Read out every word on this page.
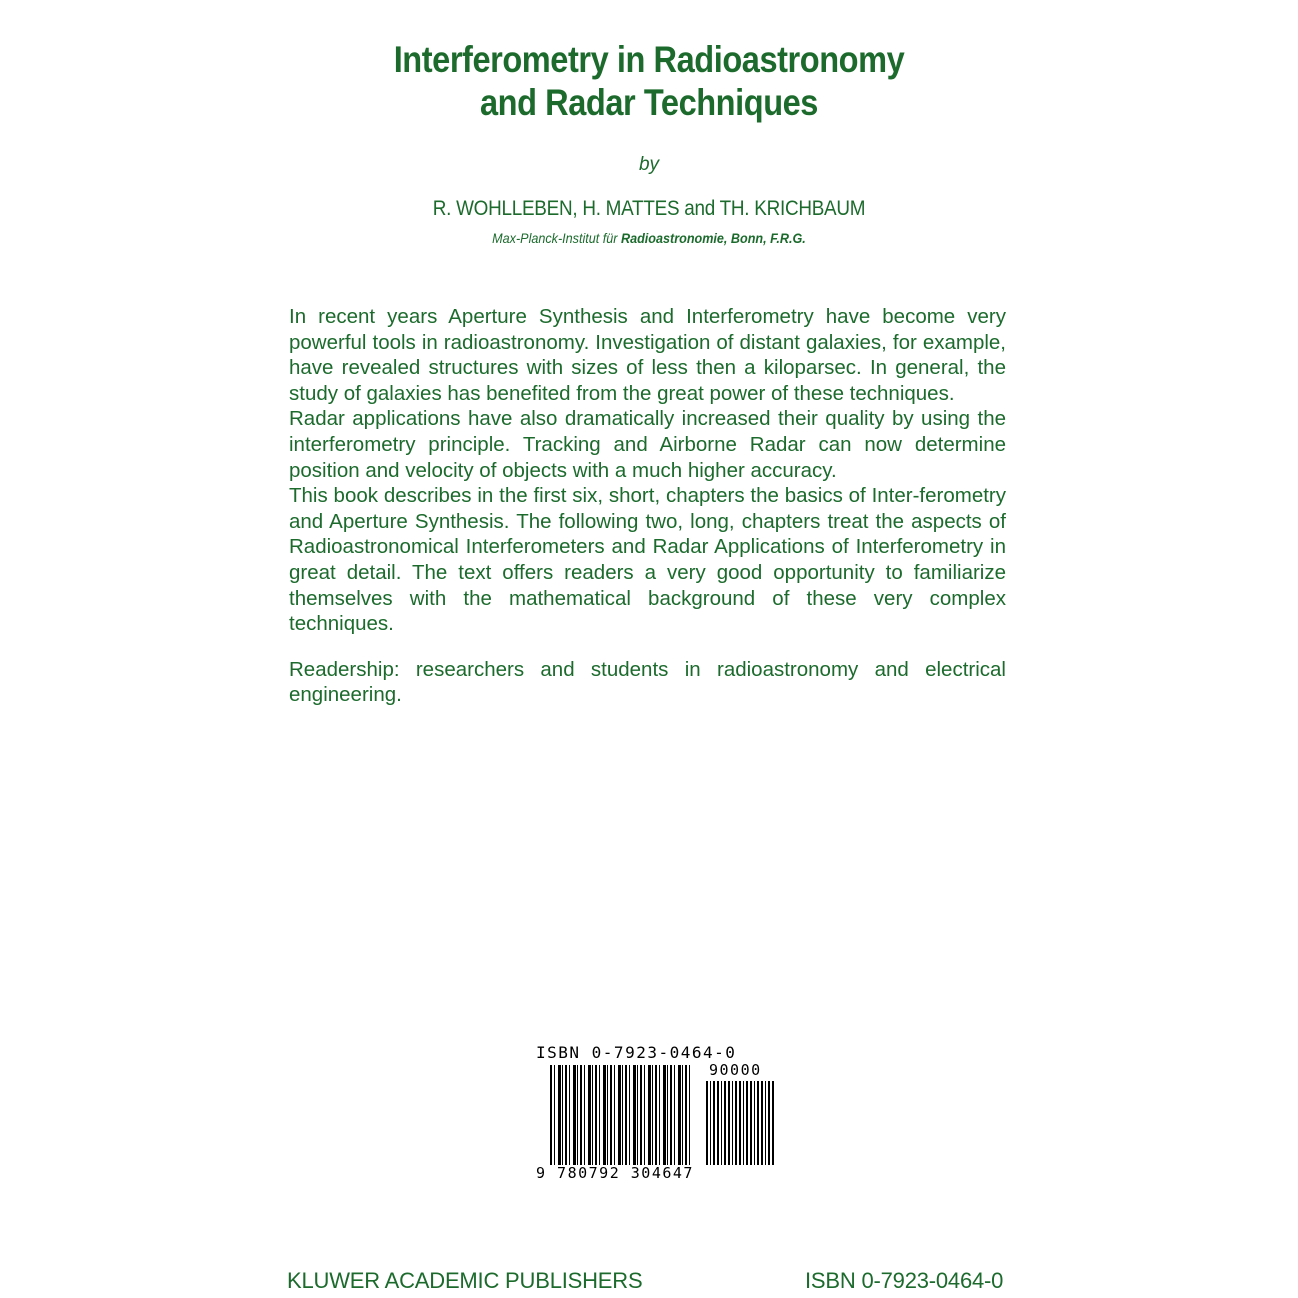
Interferometry in Radioastronomy
and Radar Techniques
by
R. WOHLLEBEN, H. MATTES and TH. KRICHBAUM
Max-Planck-Institut für Radioastronomie, Bonn, F.R.G.

In recent years Aperture Synthesis and Interferometry have become very powerful tools in radioastronomy. Investigation of distant galaxies, for example, have revealed structures with sizes of less then a kiloparsec. In general, the study of galaxies has benefited from the great power of these techniques.

Radar applications have also dramatically increased their quality by using the interferometry principle. Tracking and Airborne Radar can now determine position and velocity of objects with a much higher accuracy.

This book describes in the first six, short, chapters the basics of Inter-ferometry and Aperture Synthesis. The following two, long, chapters treat the aspects of Radioastronomical Interferometers and Radar Applications of Interferometry in great detail. The text offers readers a very good opportunity to familiarize themselves with the mathematical background of these very complex techniques.

Readership: researchers and students in radioastronomy and electrical engineering.

ISBN 0-7923-0464-0
90000
9 780792 304647
KLUWER ACADEMIC PUBLISHERS	ISBN 0-7923-0464-0
